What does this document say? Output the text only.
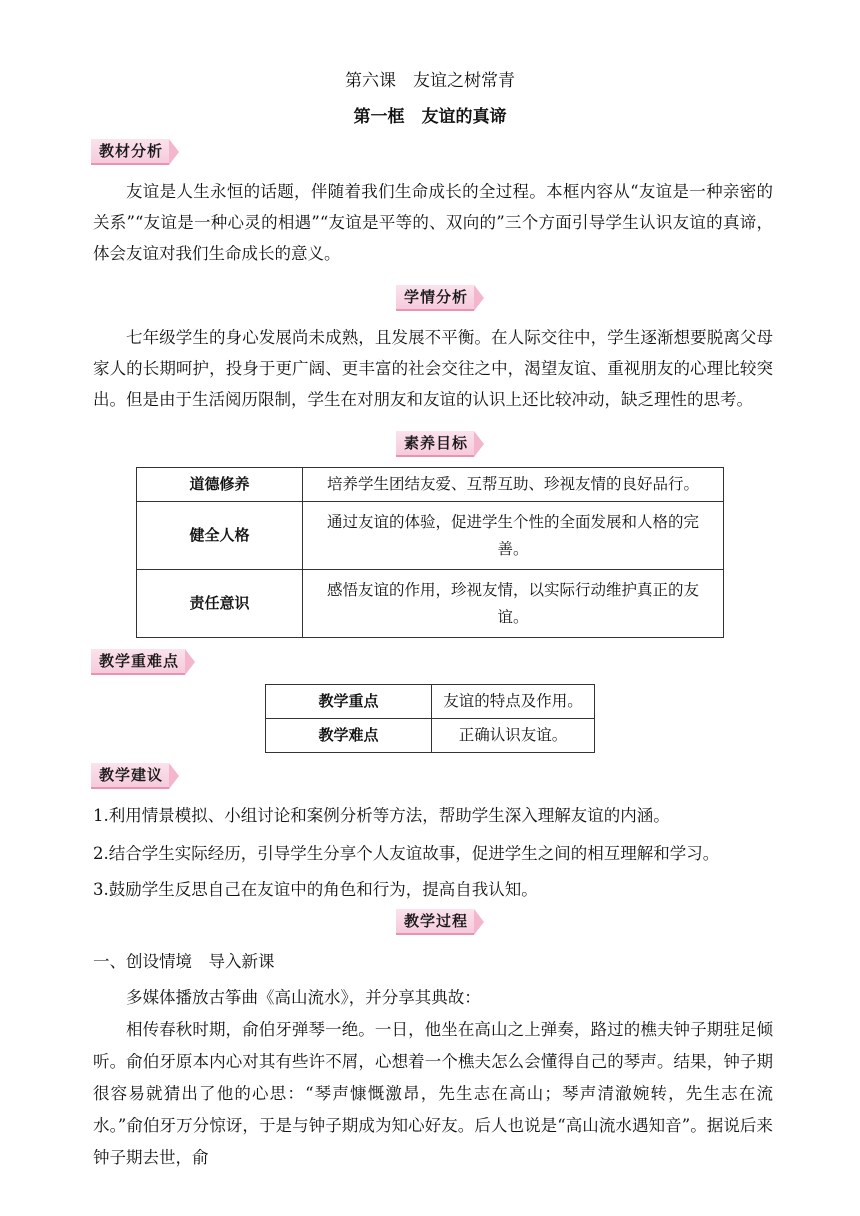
第六课　友谊之树常青
第一框　友谊的真谛
教材分析
友谊是人生永恒的话题，伴随着我们生命成长的全过程。本框内容从“友谊是一种亲密的关系”“友谊是一种心灵的相遇”“友谊是平等的、双向的”三个方面引导学生认识友谊的真谛，体会友谊对我们生命成长的意义。
学情分析
七年级学生的身心发展尚未成熟，且发展不平衡。在人际交往中，学生逐渐想要脱离父母家人的长期呵护，投身于更广阔、更丰富的社会交往之中，渴望友谊、重视朋友的心理比较突出。但是由于生活阅历限制，学生在对朋友和友谊的认识上还比较冲动，缺乏理性的思考。
素养目标
道德修养	培养学生团结友爱、互帮互助、珍视友情的良好品行。
健全人格	通过友谊的体验，促进学生个性的全面发展和人格的完善。
责任意识	感悟友谊的作用，珍视友情，以实际行动维护真正的友谊。
教学重难点
教学重点	友谊的特点及作用。
教学难点	正确认识友谊。
教学建议
1.利用情景模拟、小组讨论和案例分析等方法，帮助学生深入理解友谊的内涵。
2.结合学生实际经历，引导学生分享个人友谊故事，促进学生之间的相互理解和学习。
3.鼓励学生反思自己在友谊中的角色和行为，提高自我认知。
教学过程
一、创设情境　导入新课
多媒体播放古筝曲《高山流水》，并分享其典故：
相传春秋时期，俞伯牙弹琴一绝。一日，他坐在高山之上弹奏，路过的樵夫钟子期驻足倾听。俞伯牙原本内心对其有些许不屑，心想着一个樵夫怎么会懂得自己的琴声。结果，钟子期很容易就猜出了他的心思：“琴声慷慨激昂，先生志在高山；琴声清澈婉转，先生志在流水。”俞伯牙万分惊讶，于是与钟子期成为知心好友。后人也说是“高山流水遇知音”。据说后来钟子期去世，俞
